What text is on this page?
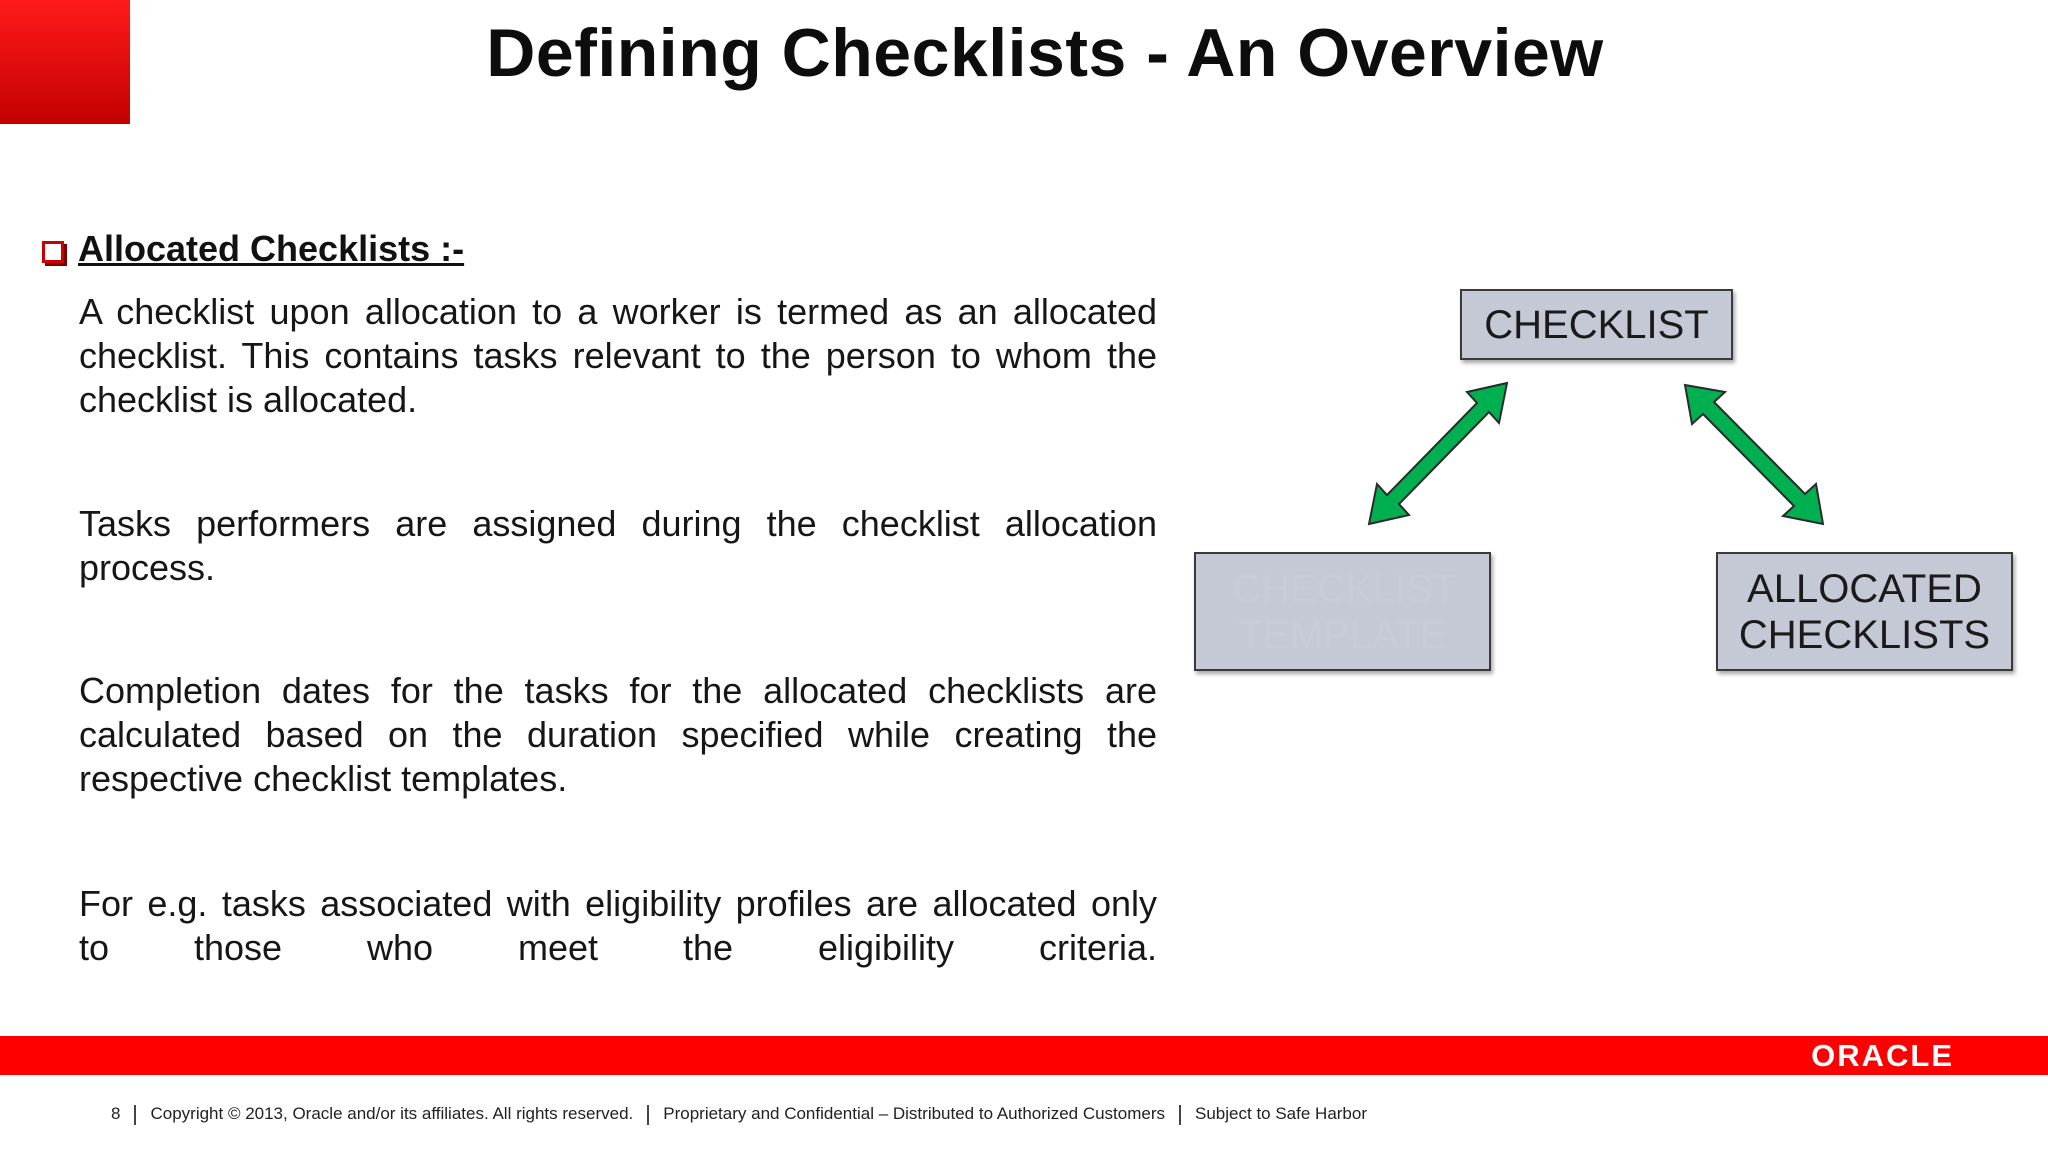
Defining Checklists - An Overview
Allocated Checklists :-
A checklist upon allocation to a worker is termed as an allocated checklist. This contains tasks relevant to the person to whom the checklist is allocated.
Tasks performers are assigned during the checklist allocation process.
Completion dates for the tasks for the allocated checklists are calculated based on the duration specified while creating the respective checklist templates.
For e.g. tasks associated with eligibility profiles are allocated only to those who meet the eligibility criteria.
CHECKLIST
CHECKLIST TEMPLATE
ALLOCATED
CHECKLISTS
ORACLE
8 Copyright © 2013, Oracle and/or its affiliates. All rights reserved. Proprietary and Confidential – Distributed to Authorized Customers Subject to Safe Harbor
